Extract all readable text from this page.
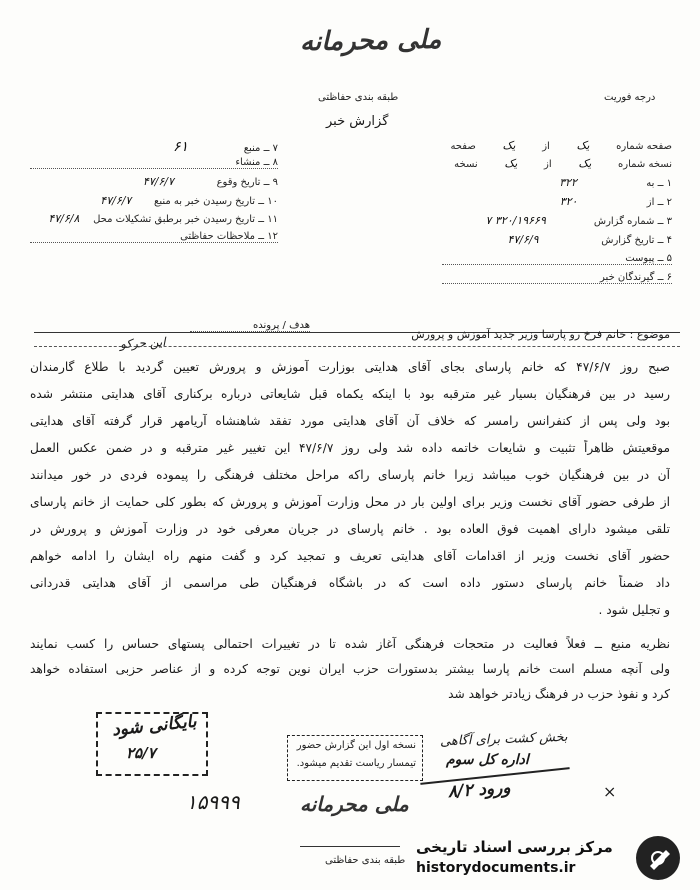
ملی محرمانه
طبقه بندی حفاظتی	درجه فوریت
گزارش خبر
صفحه شماره یک از یک صفحه
نسخه شماره یک از یک نسخه
۱ ــ به ۳۲۲
۲ ــ از ۳۲۰
۳ ــ شماره گزارش ۳۲۰/۱۹۶۶۹ ۷
۴ ــ تاریخ گزارش ۴۷/۶/۹
۵ ــ پیوست
۶ ــ گیرندگان خبر
۷ ــ منبع ۶۱
۸ ــ منشاء
۹ ــ تاریخ وقوع ۴۷/۶/۷
۱۰ ــ تاریخ رسیدن خبر به منبع ۴۷/۶/۷
۱۱ ــ تاریخ رسیدن خبر برطبق تشکیلات محل ۴۷/۶/۸
۱۲ ــ ملاحظات حفاظتی
هدف / پرونده
این حرکو
موضوع : خانم فرخ رو پارسا وزیر جدید آموزش و پرورش
صبح روز ۴۷/۶/۷ که خانم پارسای بجای آقای هدایتی بوزارت آموزش و پرورش تعیین گردید با طلاع گارمندان
رسید در بین فرهنگیان بسیار غیر مترقبه بود با اینکه یکماه قبل شایعاتی درباره برکناری آقای هدایتی منتشر شده
بود ولی پس از کنفرانس رامسر که خلاف آن آقای هدایتی مورد تفقد شاهنشاه آریامهر قرار گرفته آقای هدایتی
موقعیتش ظاهراً تثبیت و شایعات خاتمه داده شد ولی روز ۴۷/۶/۷ این تغییر غیر مترقبه و در ضمن عکس العمل
آن در بین فرهنگیان خوب میباشد زیرا خانم پارسای راکه مراحل مختلف فرهنگی را پیموده فردی در خور میدانند
از طرفی حضور آقای نخست وزیر برای اولین بار در محل وزارت آموزش و پرورش که بطور کلی حمایت از خانم پارسای
تلقی میشود دارای اهمیت فوق العاده بود . خانم پارسای در جریان معرفی خود در وزارت آموزش و پرورش در
حضور آقای نخست وزیر از اقدامات آقای هدایتی تعریف و تمجید کرد و گفت منهم راه ایشان را ادامه خواهم
داد ضمناً خانم پارسای دستور داده است که در باشگاه فرهنگیان طی مراسمی از آقای هدایتی قدردانی
و تجلیل شود .
نظریه منبع ــ فعلاً فعالیت در متحجات فرهنگی آغاز شده تا در تغییرات احتمالی پستهای حساس را کسب نمایند
ولی آنچه مسلم است خانم پارسا بیشتر بدستورات حزب ایران نوین توجه کرده و از عناصر حزبی استفاده خواهد
کرد و نفوذ حزب در فرهنگ زیادتر خواهد شد
بایگانی شود
۲۵/۷	نسخه اول این گزارش حضور
تیمسار ریاست تقدیم میشود.
بخش کشت برای آگاهی
اداره کل سوم
ورود ۸/۲	×
۱۵۹۹۹	ملی محرمانه
طبقه بندی حفاظتی
مرکز بررسی اسناد تاریخی
historydocuments.ir
